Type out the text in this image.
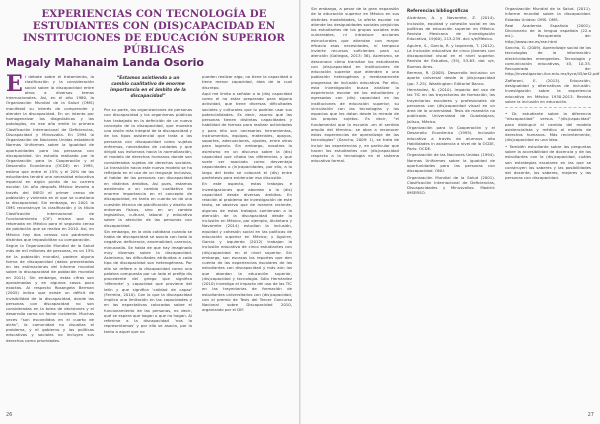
EXPERIENCIAS CON TECNOLOGÍA DE ESTUDIANTES CON (DIS)CAPACIDAD EN INSTITUCIONES DE EDUCACIÓN SUPERIOR PÚBLICAS
Magaly Mahanaim Landa Osorio

El debate sobre el tratamiento, la clasificación y la consideración social sobre la discapacidad entre otros a diversos temas internacionales. Así, en el año 1980, la Organización Mundial de la Salud (OMS) manifestó su interés de comprender y atender la discapacidad. En un intento por homogeneizar los diagnósticos y las patologías, en ese año emite la primera Clasificación Internacional de Deficiencias, Discapacidad y Minusvalía. En 1994 la Organización de Naciones Unidas estableció Normas Uniformes sobre la igualdad de oportunidades para las personas con discapacidad. Un estudio realizado por la Organización para la Cooperación y el Desarrollo Económico (OCDE) en 1995, estima que entre el 15% y el 20% de los estudiantes tendrá una necesidad educativa especial en algún punto de su carrera escolar. Un año después México levanta a través del INEGI el primer censo de población y vivienda en el que se cuestiona la discapacidad. Sin embargo, en 2001 la OMS reconstruye la clasificación y la titula Clasificación Internacional de Funcionamiento (CIF) misma que es retomada en México para el segundo censo de población que se realiza en 2010. Así, en México hay dos censos con parámetros distintos que imposibilitan su comparación.

Según la Organización Mundial de la Salud más de mil millones de personas, es un 15% de la población mundial, padece alguna forma de discapacidad (datos presentados en las estimaciones del Informe mundial sobre la discapacidad de población mundial en 2011). Sin embargo, estas cifras son aproximadas y en algunos casos poco exactas. Al respecto Rosangela Berman (2005) indica que existe un déficit de invisibilidad de la discapacidad, donde las personas con discapacidad no son consideradas en la toma de decisiones y el desarrollo como un factor incidente. Muchas veces “son escondidos en el cuarto de atrás”, la comunidad no visualiza el problema, y el gobierno y las políticas educativas y sociales no incluyen sus derechos como prioridades.

“Estamos asistiendo a un cambio cualitativo de enorme importancia en el ámbito de la discapacidad”

Por su parte, las organizaciones de personas con discapacidad y los organismos públicos han trabajado en la definición de un nuevo concepto de la discapacidad, que muestra una visión más integral de la discapacidad y de los tipos asistencial que trata a las personas con discapacidad como sujetos enfermos, necesitados de cuidados y que dirigió sus esfuerzos hacia la normalización, el modelo de derechos humanos donde son considerados sujetos de derechos sociales. La transición hacia este nuevo modelo se ha reflejado en el uso de un lenguaje inclusivo, al hablar de las personas con discapacidad en distintos ámbitos. Así pues, estamos asistiendo a un cambio cualitativo de enorme importancia en el concepto de discapacidad, en tanto en cuanto se da una cuestión técnica de planificación y diseño de entornos físicos, sino en un cambio legislativo, cultural, laboral y educativo sobre la atención de las personas con discapacidad.

Sin embargo, en la vida cotidiana cuando se habla de discapacidad se asocia con todo lo negativo: deficiencia, anormalidad, carencia, minusvalía. Se habla de que hay imaginado muy diversas sobre la discapacidad. Asimismo, las dificultades atribuidas a cada tipo de discapacidad son heterogéneas. Por ello se refiere a la discapacidad como una palabra compuesta por un lado el prefijo dis procedente del griego que significa ‘diferente’ y capacidad que proviene del latín y que significa ‘calidad de capaz’ (Ferreira, 2010). Con lo que la discapacidad implica una limitación en las capacidades y en las expectativas colocadas sobre el funcionamiento de las personas, es decir, qué se espera que hagan o que no hagan. Al referirse a la discapacidad ‘nos la representamos’ y por ello se asocia, por lo tanto a aquel que no

pueden realizar algo, no tiene la capacidad o tiene menor capacidad, idea de la cual discrepo.

Aquí me limito a señalar a la (dis) capacidad como el no estar preparado para alguna actividad, que tiene diversas dificultades sociales y culturales que lo podrían usar sus potencialidades. Es decir, asumo que las personas tienen distintas capacidades y habilidad de formas para realizar actividades y para ello son necesarias herramientas, instrumentos, equipos, materiales, apoyos, soportes, adecuaciones, ajustes, entre otros para lograrlo. Sin embargo, nosotros la asimismo en un discurso sobre la (dis) capacidad que citaba las diferencias y que suele ser asociado como desventaja capacidades o (in)capacidades, por ello, a lo largo del texto se colocará el (dis) entre paréntesis para evidenciar esa discusión.

En este aspecto, estas trabajos e investigaciones que abordan a la (dis) capacidad desde diversos ámbitos. En relación al problema de investigación de este texto, se observa que de manera reciente, algunos de estos trabajos comienzan a la atención de la discapacidad desde la inclusión en México, por ejemplo, Alcántara y Navarrete (2014) estudian la inclusión, equidad y cohesión social en las políticas de educación superior en México; y Aguirre, García y Izquierdo (2012) trabajan la inclusión educativa de cinco estudiantes con (dis)capacidad en el nivel superior. Sin embargo, son escasos los reportes que den cuenta de las experiencias escolares de los estudiantes con discapacidad y más aún los que abordan la educación superior, (dis)capacidad y tecnología. Sólo Hernández (2010) investiga el impacto del uso de las TIC en las trayectorias de formación de estudiantes universitarios con (dis)capacidad, con el premio de Tesis del Tercer Concurso Nacional sobre Discapacidad 2010, organizado por el DIF.

26

Sin embargo, a pesar de la gran expansión de la educación superior en México en sus distintas modalidades, la oferta escolar no atiende las desigualdades sociales prejuicios los estudiantes de los grupos sociales más vulnerables, ni introduce acciones estructurales que atiendan con mayor eficacia esas necesidades, ni tampoco invierte recursos suficientes para su atención (Gallegos, 2013: 36). Asimismo, se desconoce cómo transitan los estudiantes con (dis)capacidad en instituciones de educación superior que atienden a una población heterogénea y medianamente progresiva de inclusión educativa. Por ello, esta investigación busca analizar la experiencia escolar de los estudiantes y egresados con (dis) capacidad en las instituciones de educación superior, su vinculación con las tecnologías y los espacios que les dotan desde la mirada de los propios sujetos. Es decir, “el fundamental que la escuela –en el sentido amplio del término– se abra a reconocer estas experiencias de aprendizaje de las tecnologías” (Sancho, 2009: 1), se trata de incluir las experiencias y, en particular que hacen los estudiantes con (dis)capacidad respecto a la tecnología en el sistema educativo formal.

Referencias bibliográficas

Alcántara, A. y Navarrete, Z. (2014). Inclusión, equidad y cohesión social en las políticas de educación superior en México. Revista Mexicana de Investigación Educativa, 19(60), 213-239. doi: s/e/México.

Aguirre, S., García, R. y Izquierdo, T. (2012). La inclusión educativa de cinco jóvenes con discapacidad visual en el nivel superior. Revista de Estudios, (35), 53-63. doi: s/e, Buenos Aires.

Berman, R. (2005). Desarrollo inclusivo: un aporte universal desde la (dis)capacidad (pp. 7-25). Washington: Editorial Banco.

Hernández, N. (2010). Impacto del uso de las TIC en las trayectorias de formación, las trayectorias escolares y profesionales de personas con (dis)capacidad visual en un área de la universidad. Tesis de maestría no publicada. Universidad de Guadalajara, Jalisco, México.

Organización para la Cooperación y el Desarrollo Económico (1995). Inclusión educativa a través de alumnos alto Habilidades in asistencia a nivel de la OCDE, París: OCDE.

Organización de las Naciones Unidas (1994). Normas Uniformes sobre la igualdad de oportunidades para las personas con discapacidad. ONU.

Organización Mundial de la Salud (2001). Clasificación Internacional de Deficiencias, Discapacidades y Minusvalías. Madrid: IMSERSO.

Organización Mundial de la Salud. (2011). Informe mundial sobre la discapacidad. Estados Unidos: OMS. OMS.

Real Academia Española (2001). Diccionario de la lengua española (22.a ed.). Recuperado de: http://www.rae.es/rae.html

Sancho, G. (2009). Aprendizaje social de las tecnologías de la información: electricidades emergentes. Tecnología y comunicación educativas, 45, 10-33. Recuperado de: http://investigacion.ilce.edu.mx/tyce/45/art2.pdf

Zaffaroni, E. (2013). Educación, desigualdad y alternativas de inclusión. Investigación sobre la experiencia educativa en México 1930-2013. Revista sobre la inclusión en educación.

• Dr. estudiante sobre la diferencia “discapacidad” versus “(dis)capacidad” para distinguir el cambio del modelo asistencialista y médico al modelo de derechos humanos. Más recientemente, (dis)capacidad es una idea.

• También estudiante sobre las preguntas sobre la accesibilidad de docencia y de los estudiantes con la (dis)capacidad, cuáles son estrategias escolares en las que se construyen los saberes y las posibilidades del docente, los saberes, mejores y las personas con discapacidad.

27
